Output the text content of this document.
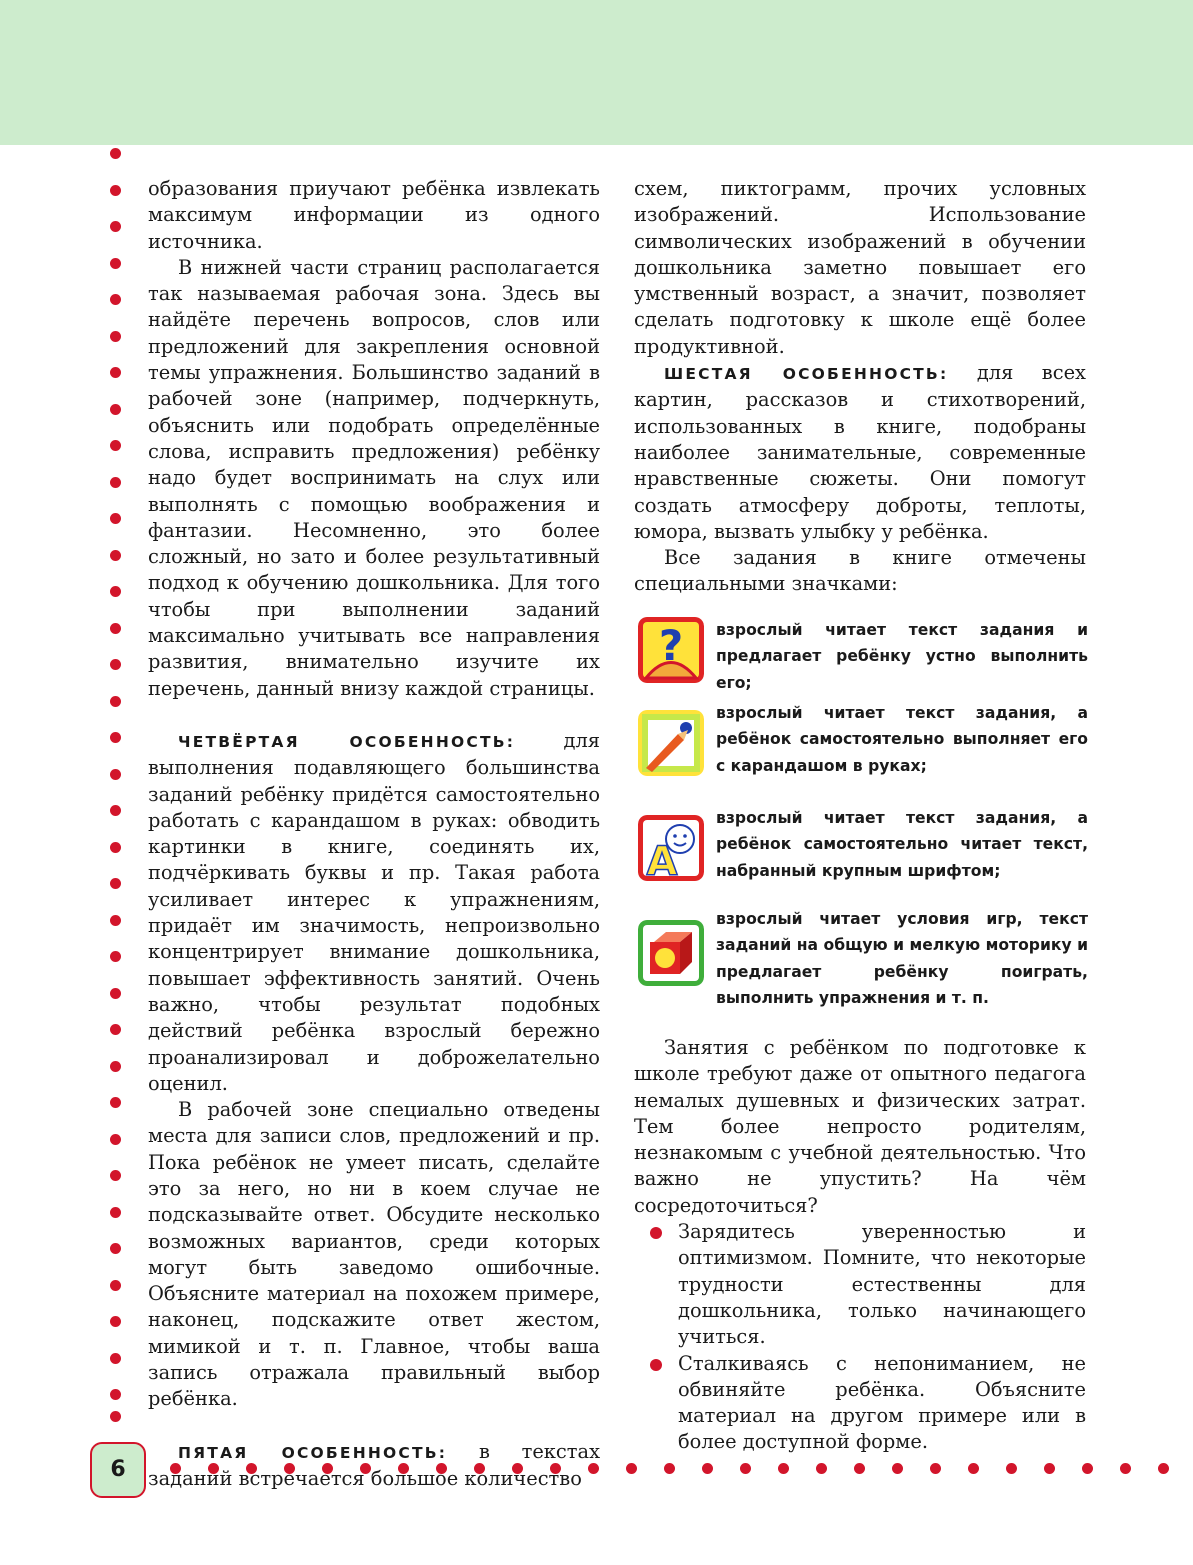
6

образования приучают ребёнка извлекать максимум информации из одного источника.

В нижней части страниц располагается так называемая рабочая зона. Здесь вы найдёте перечень вопросов, слов или предложений для закрепления основной темы упражнения. Большинство заданий в рабочей зоне (например, подчеркнуть, объяснить или подобрать определённые слова, исправить предложения) ребёнку надо будет воспринимать на слух или выполнять с помощью воображения и фантазии. Несомненно, это более сложный, но зато и более результативный подход к обучению дошкольника. Для того чтобы при выполнении заданий максимально учитывать все направления развития, внимательно изучите их перечень, данный внизу каждой страницы.

ЧЕТВЁРТАЯ ОСОБЕННОСТЬ: для выполнения подавляющего большинства заданий ребёнку придётся самостоятельно работать с карандашом в руках: обводить картинки в книге, соединять их, подчёркивать буквы и пр. Такая работа усиливает интерес к упражнениям, придаёт им значимость, непроизвольно концентрирует внимание дошкольника, повышает эффективность занятий. Очень важно, чтобы результат подобных действий ребёнка взрослый бережно проанализировал и доброжелательно оценил.

В рабочей зоне специально отведены места для записи слов, предложений и пр. Пока ребёнок не умеет писать, сделайте это за него, но ни в коем случае не подсказывайте ответ. Обсудите несколько возможных вариантов, среди которых могут быть заведомо ошибочные. Объясните материал на похожем примере, наконец, подскажите ответ жестом, мимикой и т. п. Главное, чтобы ваша запись отражала правильный выбор ребёнка.

ПЯТАЯ ОСОБЕННОСТЬ: в текстах заданий встречается большое количество

схем, пиктограмм, прочих условных изображений. Использование символических изображений в обучении дошкольника заметно повышает его умственный возраст, а значит, позволяет сделать подготовку к школе ещё более продуктивной.

ШЕСТАЯ ОСОБЕННОСТЬ: для всех картин, рассказов и стихотворений, использованных в книге, подобраны наиболее занимательные, современные нравственные сюжеты. Они помогут создать атмосферу доброты, теплоты, юмора, вызвать улыбку у ребёнка.

Все задания в книге отмечены специальными значками:

? взрослый читает текст задания и предлагает ребёнку устно выполнить его;
взрослый читает текст задания, а ребёнок самостоятельно выполняет его с карандашом в руках;
A
взрослый читает текст задания, а ребёнок самостоятельно читает текст, набранный крупным шрифтом;
взрослый читает условия игр, текст заданий на общую и мелкую моторику и предлагает ребёнку поиграть, выполнить упражнения и т. п.

Занятия с ребёнком по подготовке к школе требуют даже от опытного педагога немалых душевных и физических затрат. Тем более непросто родителям, незнакомым с учебной деятельностью. Что важно не упустить? На чём сосредоточиться?

Зарядитесь уверенностью и оптимизмом. Помните, что некоторые трудности естественны для дошкольника, только начинающего учиться.
Сталкиваясь с непониманием, не обвиняйте ребёнка. Объясните материал на другом примере или в более доступной форме.
